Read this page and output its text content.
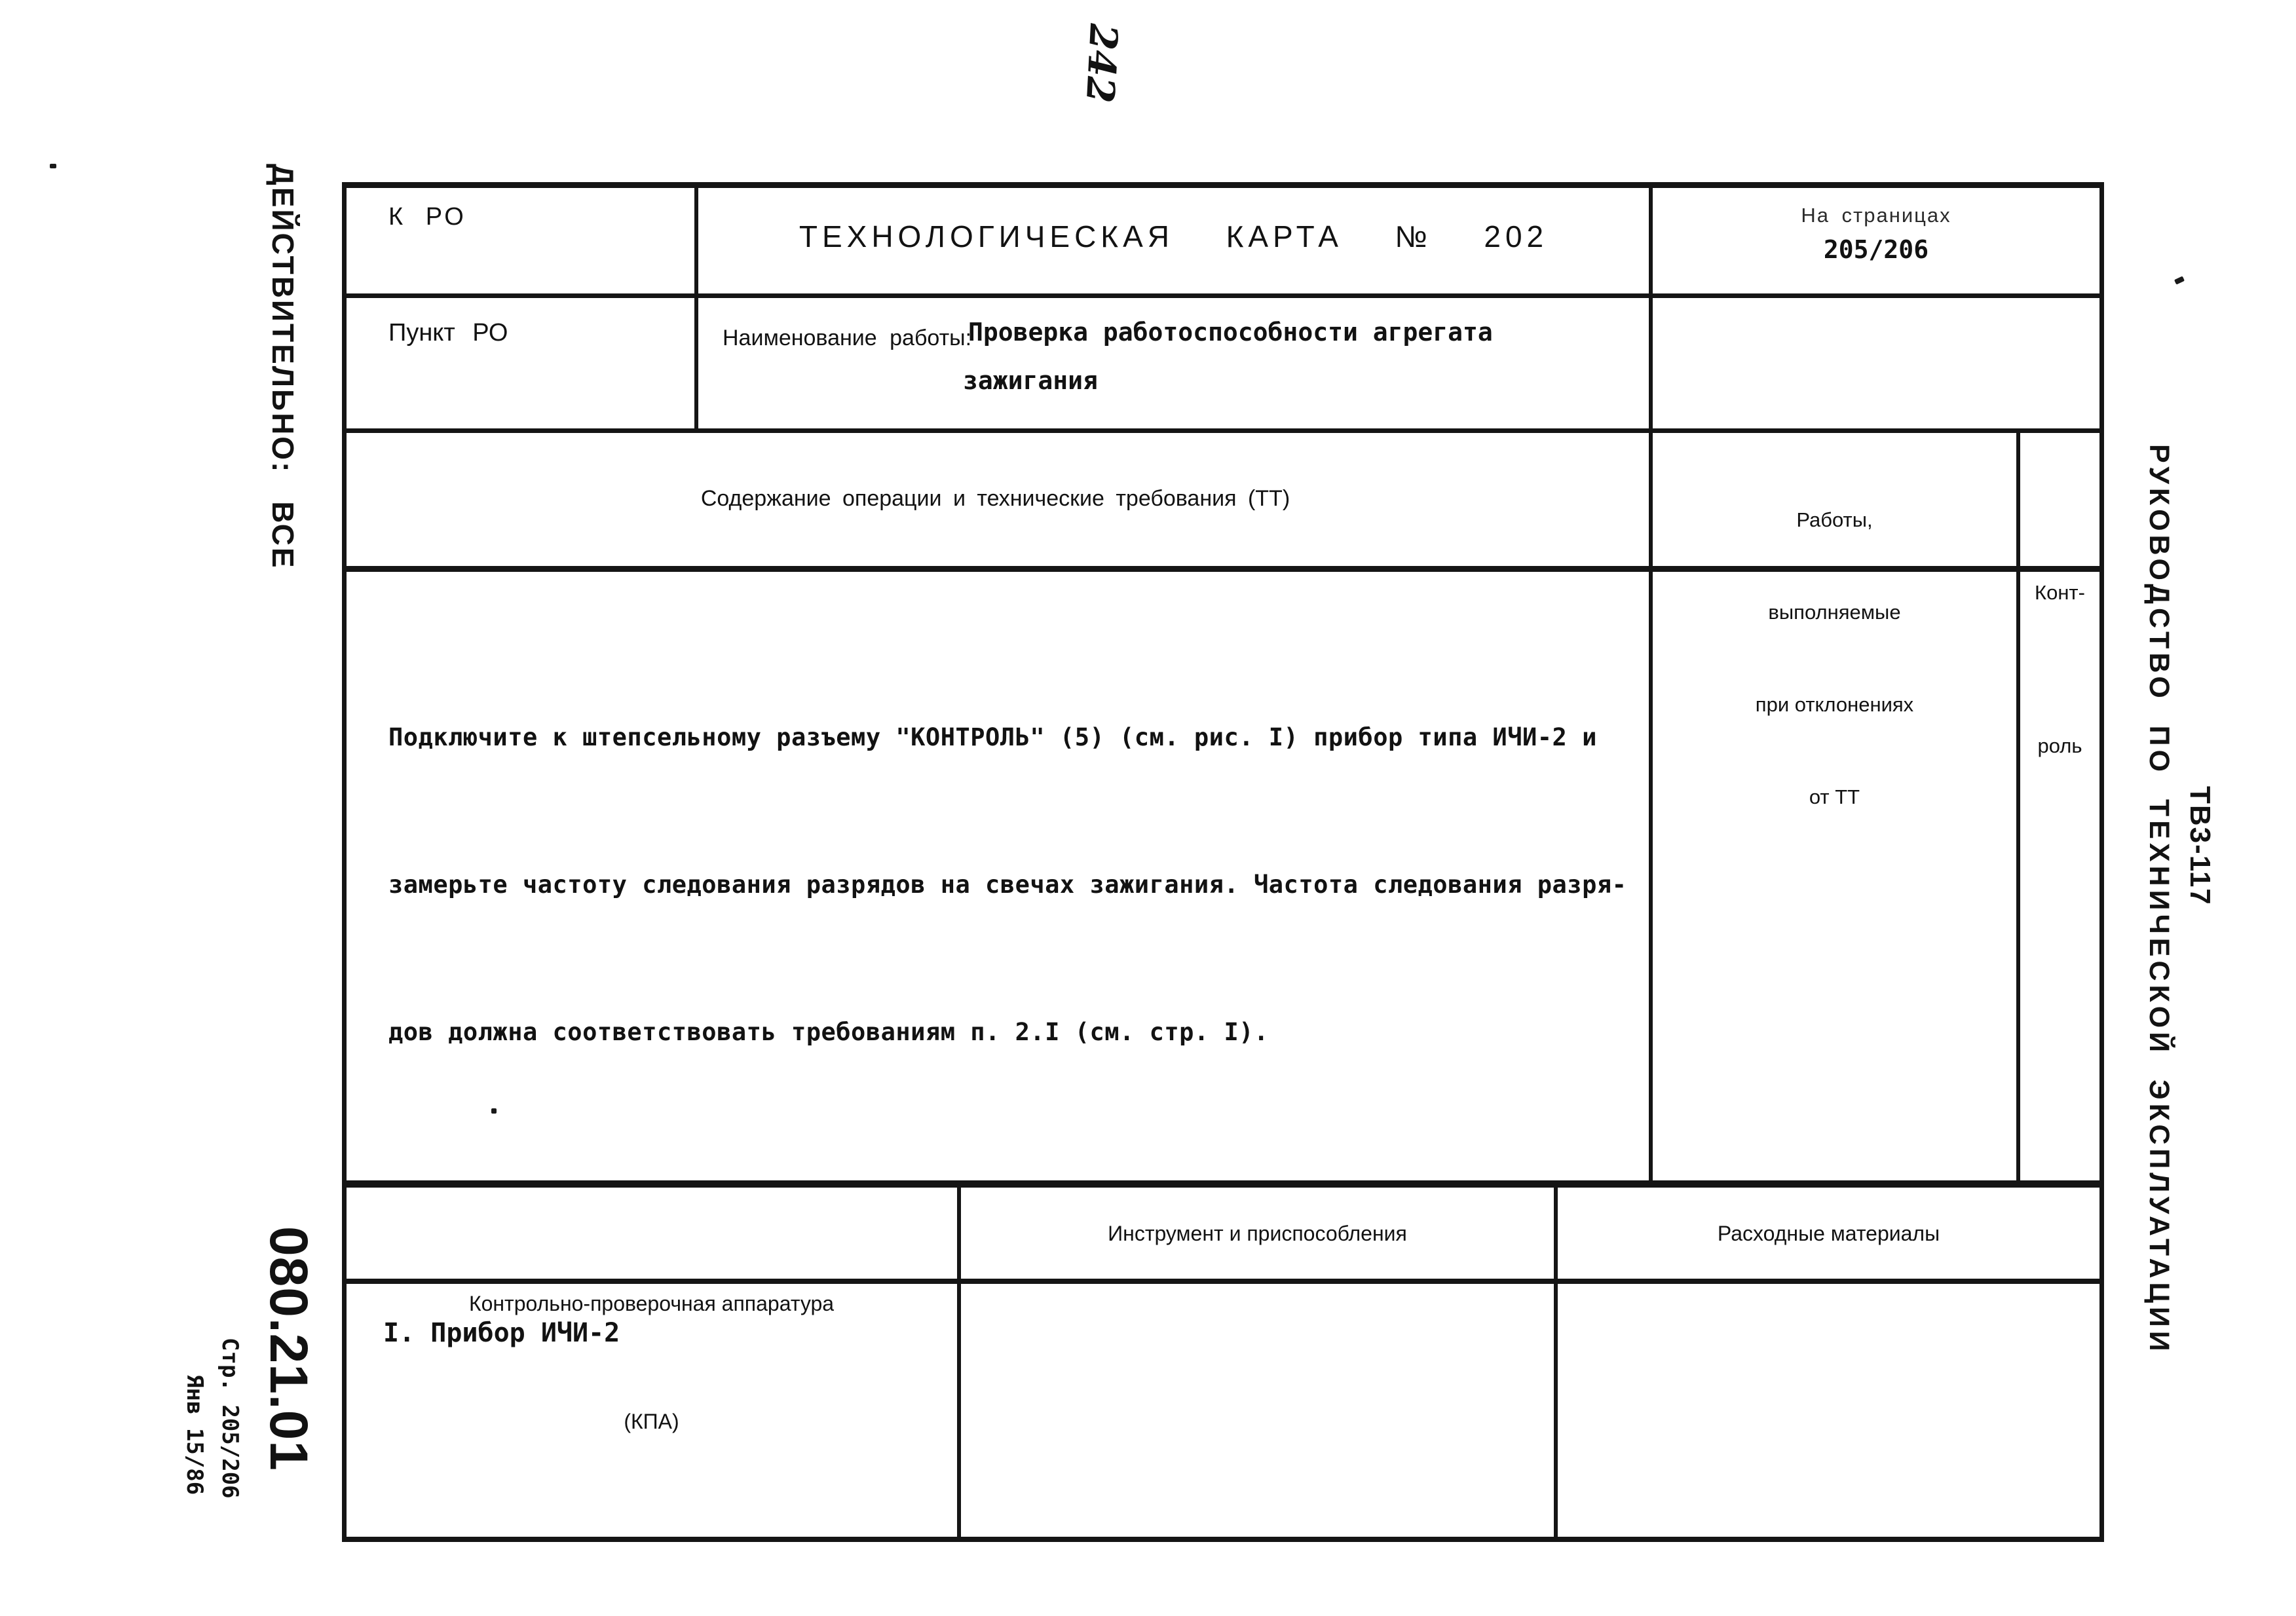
К РО
ТЕХНОЛОГИЧЕСКАЯ  КАРТА  №  202
На страницах
205/206
Пункт РО	Наименование работы:
Проверка работоспособности агрегата
зажигания
Содержание операции и технические требования (ТТ)

Работы,

выполняемые

при отклонениях

от ТТ

Конт-

роль

Подключите к штепсельному разъему "КОНТРОЛЬ" (5) (см. рис. I) прибор типа ИЧИ-2 и

замерьте частоту следования разрядов на свечах зажигания. Частота следования разря-

дов должна соответствовать требованиям п. 2.I (см. стр. I).

Контрольно-проверочная аппаратура

(КПА)

Инструмент и приспособления	Расходные материалы
I. Прибор ИЧИ-2
242
ДЕЙСТВИТЕЛЬНО: ВСЕ
080.21.01
Стр. 205/206
Янв 15/86
ТВ3-117
РУКОВОДСТВО ПО ТЕХНИЧЕСКОЙ ЭКСПЛУАТАЦИИ
